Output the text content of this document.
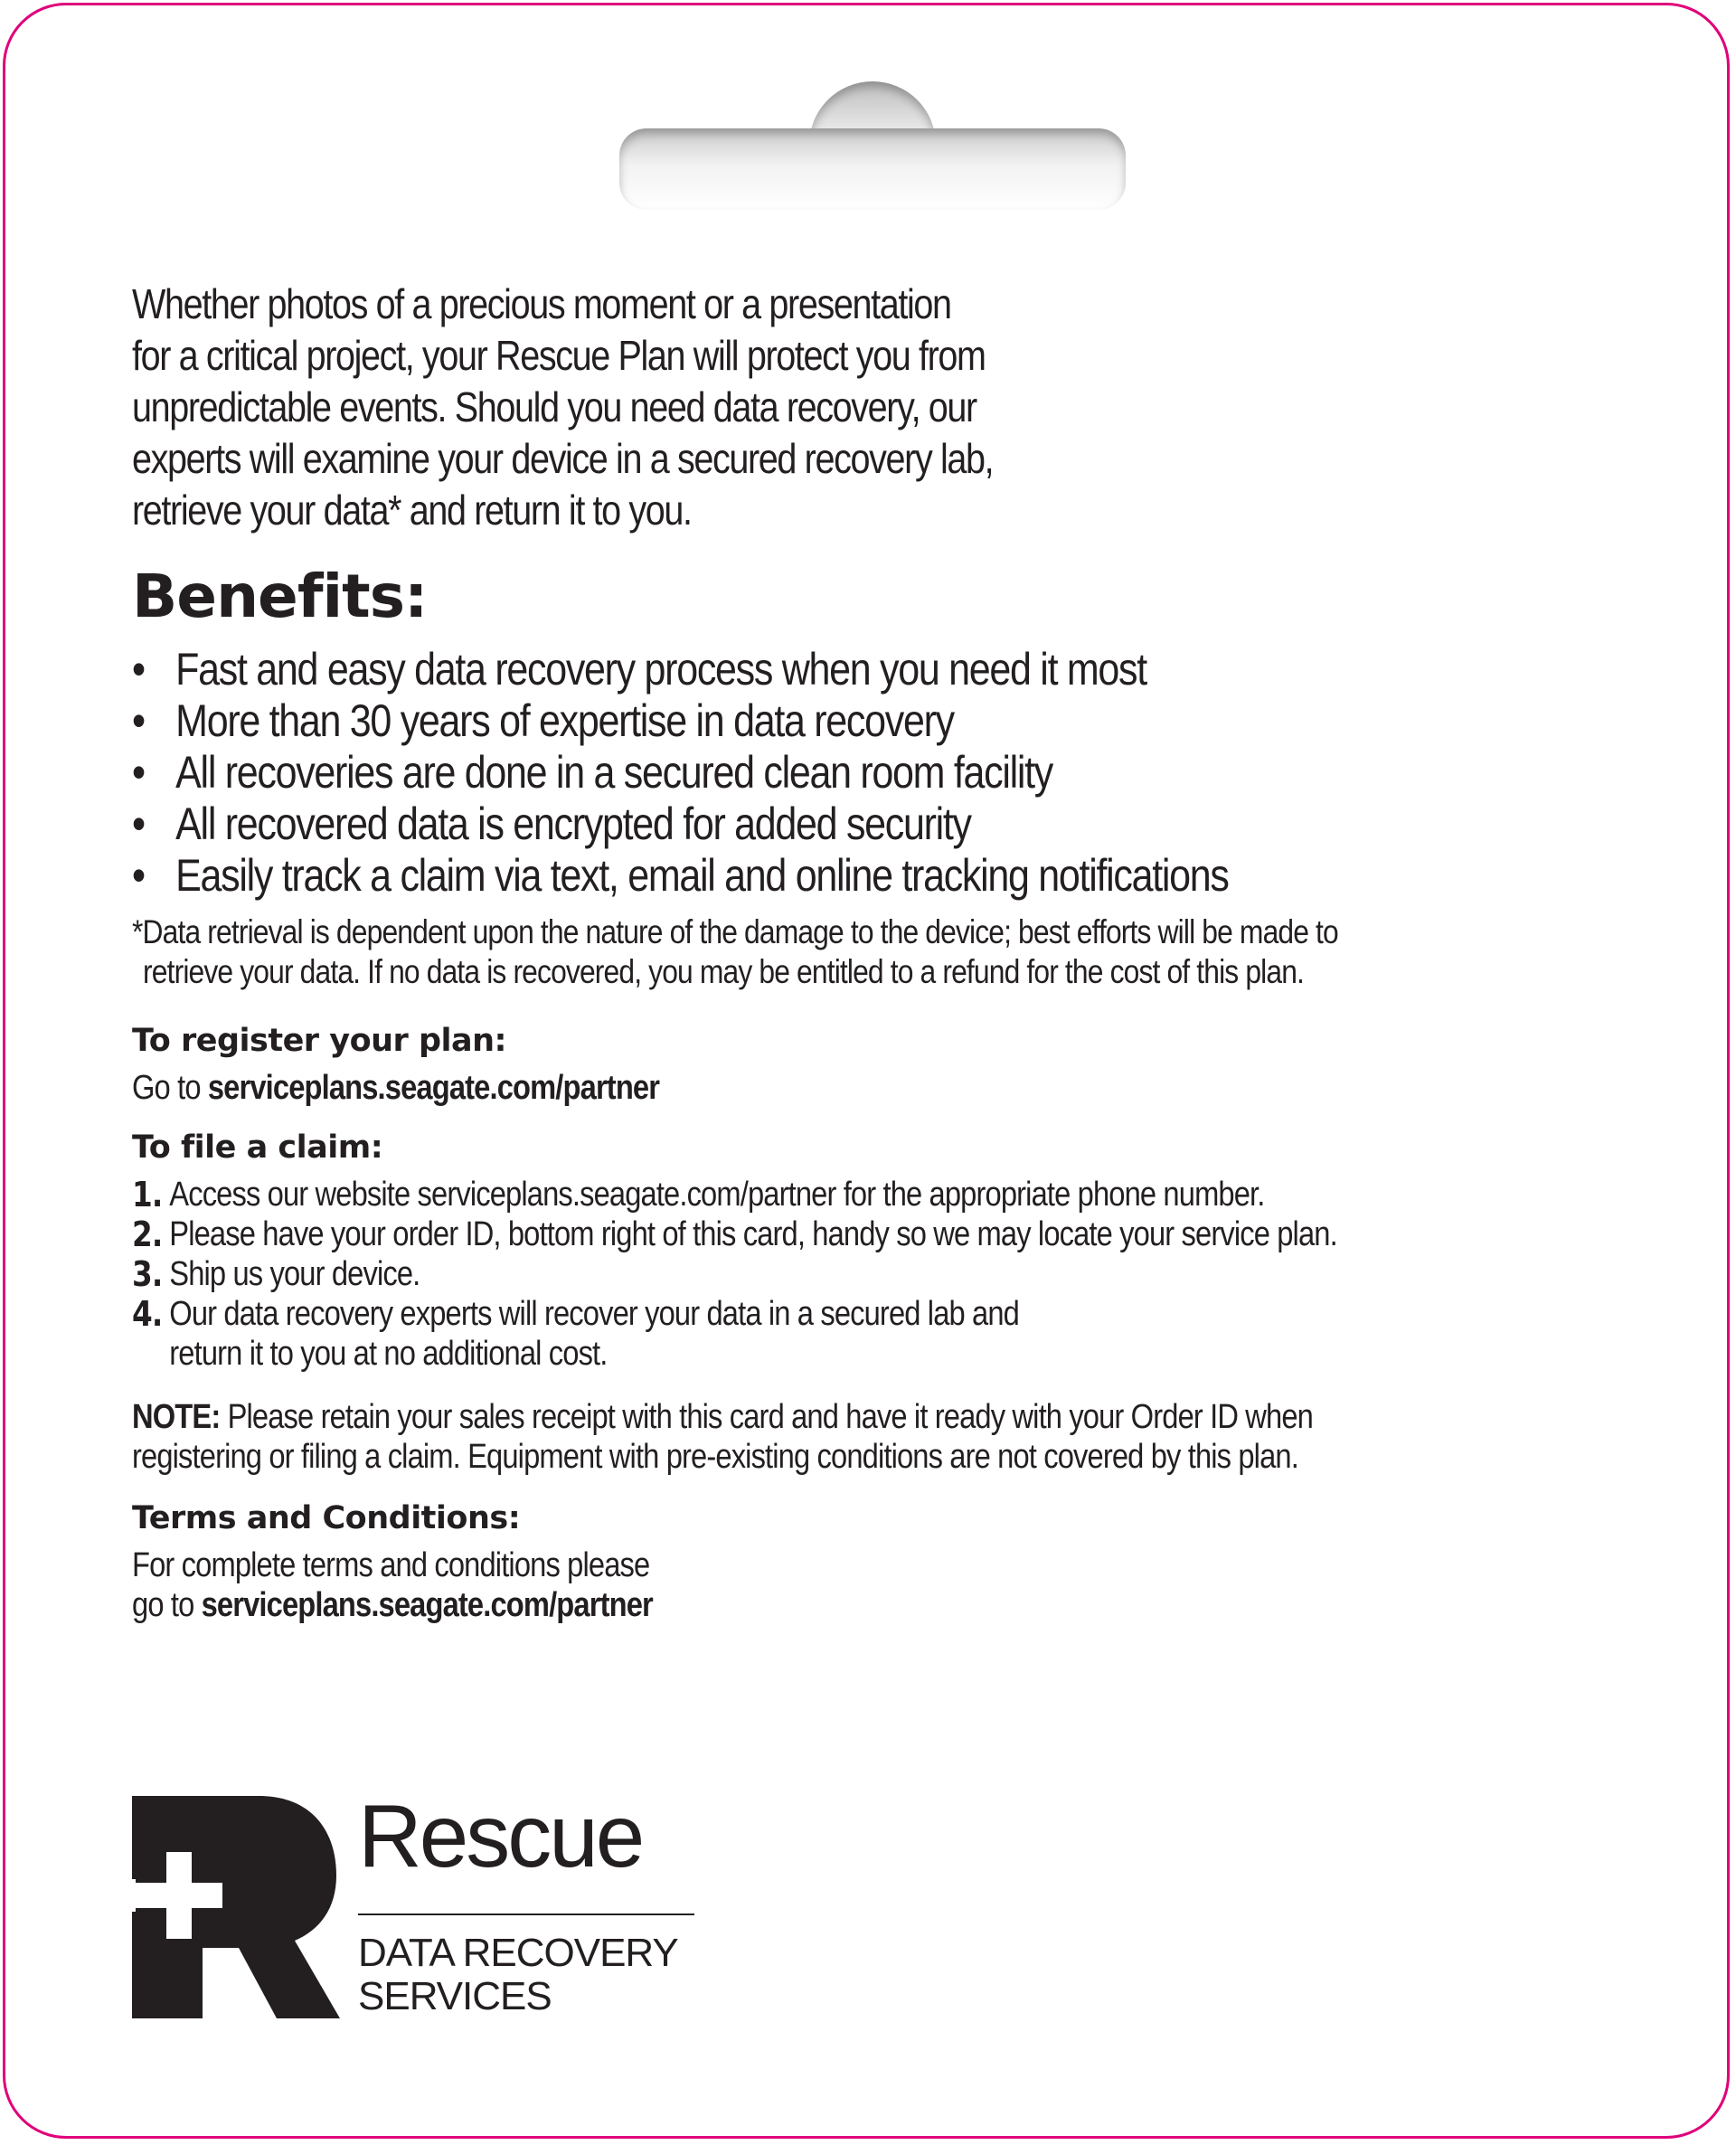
Whether photos of a precious moment or a presentation
for a critical project, your Rescue Plan will protect you from
unpredictable events. Should you need data recovery, our
experts will examine your device in a secured recovery lab,
retrieve your data* and return it to you.
Benefits:
• Fast and easy data recovery process when you need it most
• More than 30 years of expertise in data recovery
• All recoveries are done in a secured clean room facility
• All recovered data is encrypted for added security
• Easily track a claim via text, email and online tracking notifications
*Data retrieval is dependent upon the nature of the damage to the device; best efforts will be made to
retrieve your data. If no data is recovered, you may be entitled to a refund for the cost of this plan.
To register your plan:
Go to serviceplans.seagate.com/partner
To file a claim:
1. Access our website serviceplans.seagate.com/partner for the appropriate phone number.
2. Please have your order ID, bottom right of this card, handy so we may locate your service plan.
3. Ship us your device.
4. Our data recovery experts will recover your data in a secured lab and return it to you at no additional cost.
NOTE: Please retain your sales receipt with this card and have it ready with your Order ID when
registering or filing a claim. Equipment with pre-existing conditions are not covered by this plan.
Terms and Conditions:
For complete terms and conditions please
go to serviceplans.seagate.com/partner
Rescue
DATA RECOVERY
SERVICES
